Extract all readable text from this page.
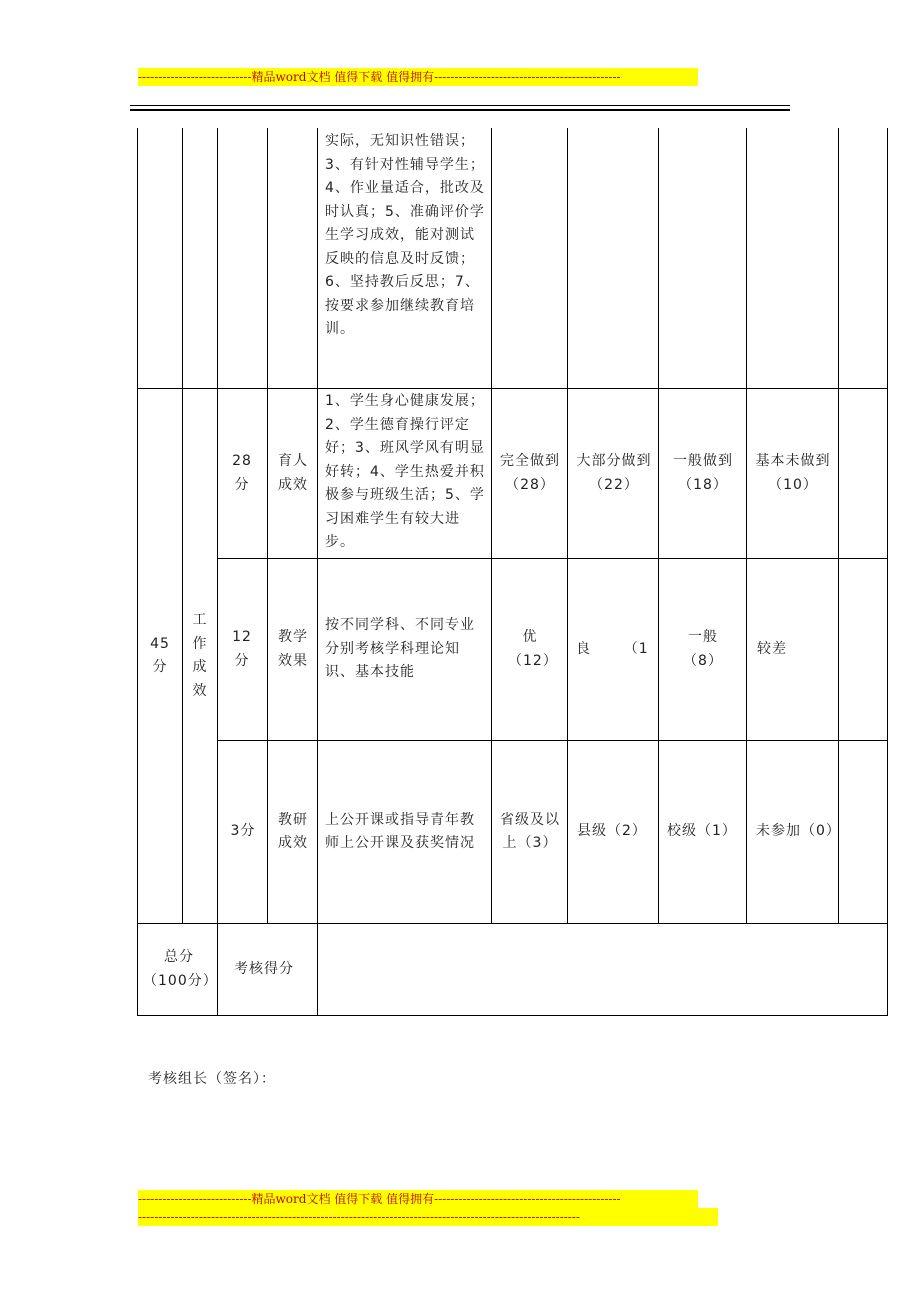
----------------------------精品word文档 值得下载 值得拥有----------------------------------------------
实际，无知识性错误；3、有针对性辅导学生；4、作业量适合，批改及时认真；5、准确评价学生学习成效，能对测试反映的信息及时反馈；6、坚持教后反思；7、按要求参加继续教育培训。
45分
工作成效
28分
育人成效
1、学生身心健康发展；2、学生德育操行评定好；3、班风学风有明显好转；4、学生热爱并积极参与班级生活；5、学习困难学生有较大进步。
完全做到（28）
大部分做到（22）
一般做到（18）
基本未做到（10）
12分
教学效果
按不同学科、不同专业分别考核学科理论知识、基本技能
优（12）
良      （1
一般（8）
较差
3分
教研成效
上公开课或指导青年教师上公开课及获奖情况
省级及以上（3）
县级（2） 校级（1） 未参加（0）
总分（100分）
考核得分
考核组长（签名）：
----------------------------精品word文档 值得下载 值得拥有----------------------------------------------
-------------------------------------------------------------------------------------------------------------
